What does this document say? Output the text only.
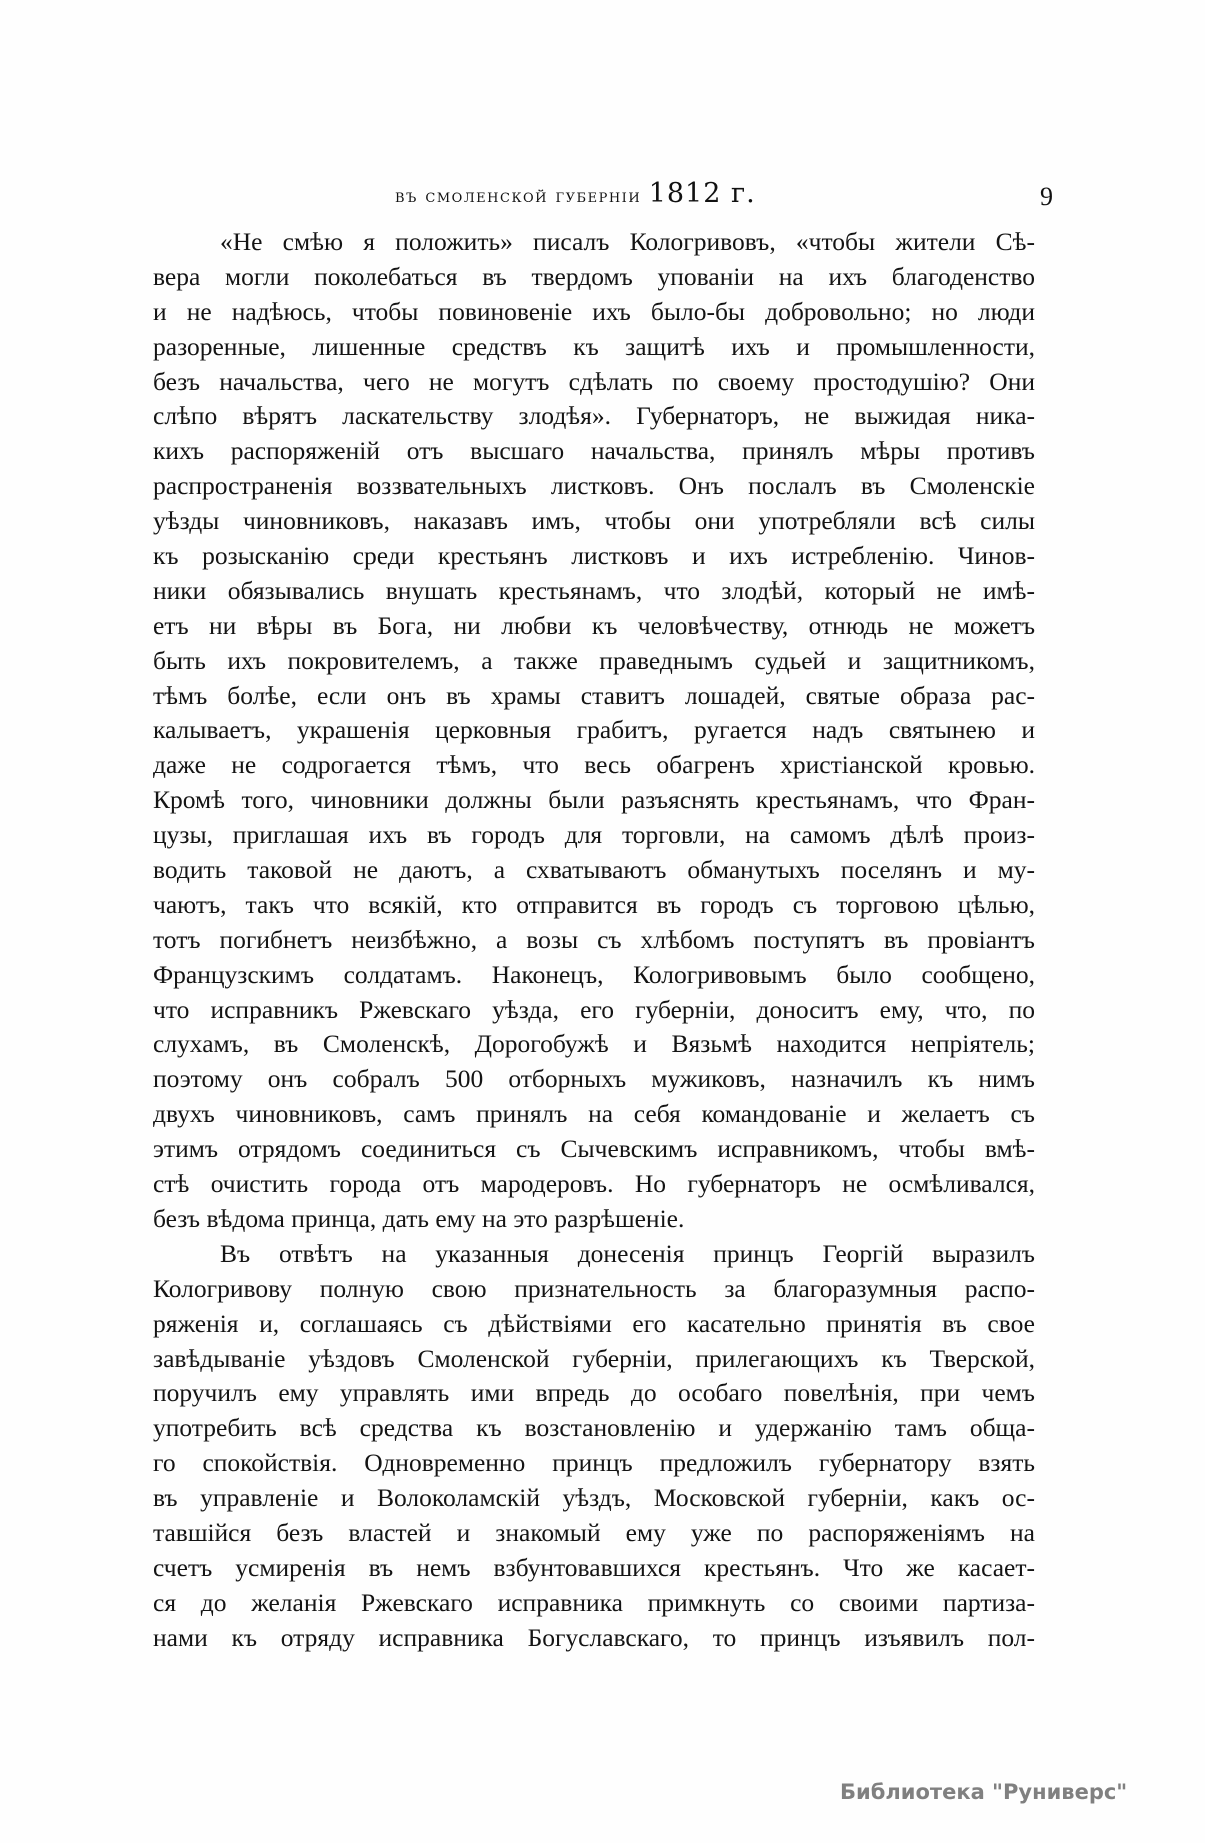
въ смоленской губерніи 1812 г.	9
«Не смѣю я положить» писалъ Кологривовъ, «чтобы жители Сѣ-
вера могли поколебаться въ твердомъ упованіи на ихъ благоденство
и не надѣюсь, чтобы повиновеніе ихъ было-бы добровольно; но люди
разоренные, лишенные средствъ къ защитѣ ихъ и промышленности,
безъ начальства, чего не могутъ сдѣлать по своему простодушію? Они
слѣпо вѣрятъ ласкательству злодѣя». Губернаторъ, не выжидая ника-
кихъ распоряженій отъ высшаго начальства, принялъ мѣры противъ
распространенія воззвательныхъ листковъ. Онъ послалъ въ Смоленскіе
уѣзды чиновниковъ, наказавъ имъ, чтобы они употребляли всѣ силы
къ розысканію среди крестьянъ листковъ и ихъ истребленію. Чинов-
ники обязывались внушать крестьянамъ, что злодѣй, который не имѣ-
етъ ни вѣры въ Бога, ни любви къ человѣчеству, отнюдь не можетъ
быть ихъ покровителемъ, а также праведнымъ судьей и защитникомъ,
тѣмъ болѣе, если онъ въ храмы ставитъ лошадей, святые образа рас-
калываетъ, украшенія церковныя грабитъ, ругается надъ святынею и
даже не содрогается тѣмъ, что весь обагренъ христіанской кровью.
Кромѣ того, чиновники должны были разъяснять крестьянамъ, что Фран-
цузы, приглашая ихъ въ городъ для торговли, на самомъ дѣлѣ произ-
водить таковой не даютъ, а схватываютъ обманутыхъ поселянъ и му-
чаютъ, такъ что всякій, кто отправится въ городъ съ торговою цѣлью,
тотъ погибнетъ неизбѣжно, а возы съ хлѣбомъ поступятъ въ провіантъ
Французскимъ солдатамъ. Наконецъ, Кологривовымъ было сообщено,
что исправникъ Ржевскаго уѣзда, его губерніи, доноситъ ему, что, по
слухамъ, въ Смоленскѣ, Дорогобужѣ и Вязьмѣ находится непріятель;
поэтому онъ собралъ 500 отборныхъ мужиковъ, назначилъ къ нимъ
двухъ чиновниковъ, самъ принялъ на себя командованіе и желаетъ съ
этимъ отрядомъ соединиться съ Сычевскимъ исправникомъ, чтобы вмѣ-
стѣ очистить города отъ мародеровъ. Но губернаторъ не осмѣливался,
безъ вѣдома принца, дать ему на это разрѣшеніе.
Въ отвѣтъ на указанныя донесенія принцъ Георгій выразилъ
Кологривову полную свою признательность за благоразумныя распо-
ряженія и, соглашаясь съ дѣйствіями его касательно принятія въ свое
завѣдываніе уѣздовъ Смоленской губерніи, прилегающихъ къ Тверской,
поручилъ ему управлять ими впредь до особаго повелѣнія, при чемъ
употребить всѣ средства къ возстановленію и удержанію тамъ обща-
го спокойствія. Одновременно принцъ предложилъ губернатору взять
въ управленіе и Волоколамскій уѣздъ, Московской губерніи, какъ ос-
тавшійся безъ властей и знакомый ему уже по распоряженіямъ на
счетъ усмиренія въ немъ взбунтовавшихся крестьянъ. Что же касает-
ся до желанія Ржевскаго исправника примкнуть со своими партиза-
нами къ отряду исправника Богуславскаго, то принцъ изъявилъ пол-
Библиотека "Руниверс"
